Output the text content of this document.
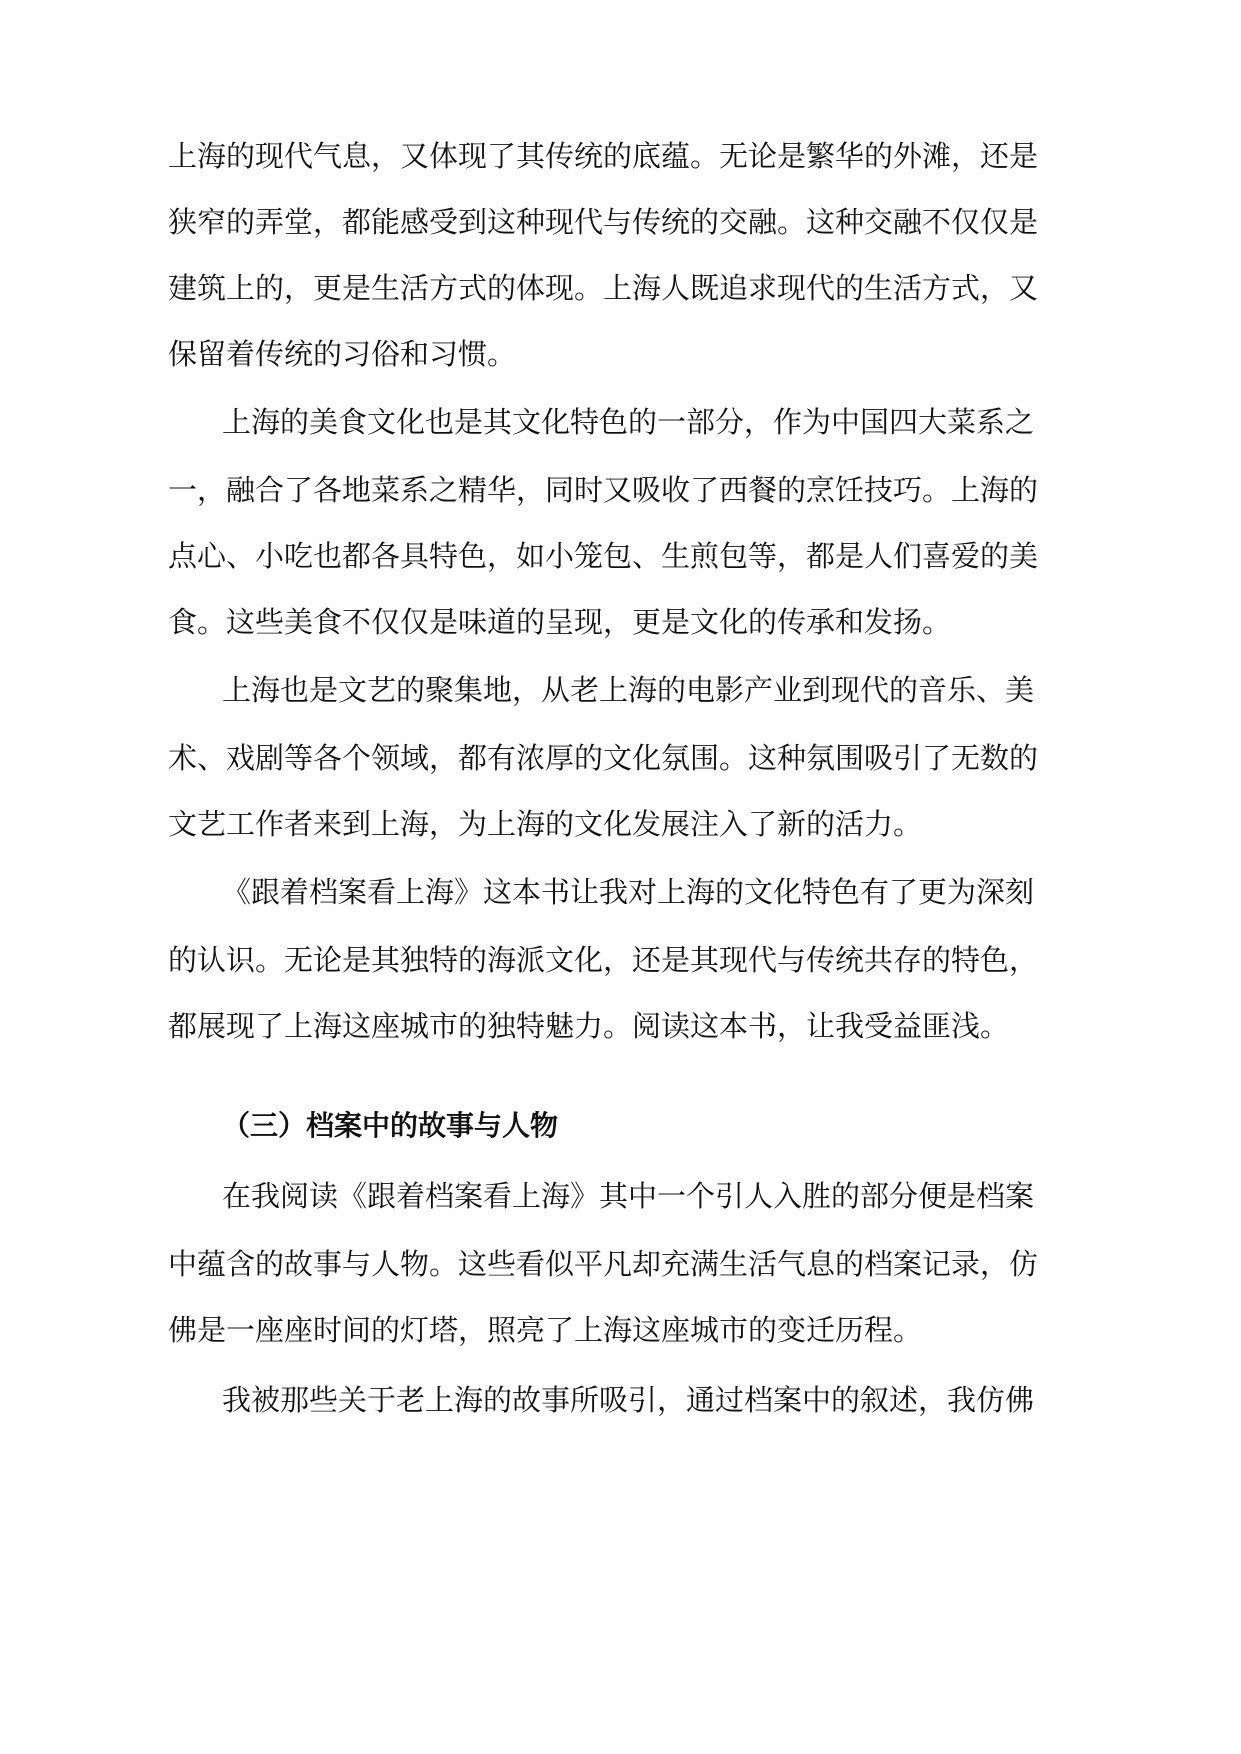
上海的现代气息，又体现了其传统的底蕴。无论是繁华的外滩，还是
狭窄的弄堂，都能感受到这种现代与传统的交融。这种交融不仅仅是
建筑上的，更是生活方式的体现。上海人既追求现代的生活方式，又
保留着传统的习俗和习惯。
上海的美食文化也是其文化特色的一部分，作为中国四大菜系之
一，融合了各地菜系之精华，同时又吸收了西餐的烹饪技巧。上海的
点心、小吃也都各具特色，如小笼包、生煎包等，都是人们喜爱的美
食。这些美食不仅仅是味道的呈现，更是文化的传承和发扬。
上海也是文艺的聚集地，从老上海的电影产业到现代的音乐、美
术、戏剧等各个领域，都有浓厚的文化氛围。这种氛围吸引了无数的
文艺工作者来到上海，为上海的文化发展注入了新的活力。
《跟着档案看上海》这本书让我对上海的文化特色有了更为深刻
的认识。无论是其独特的海派文化，还是其现代与传统共存的特色，
都展现了上海这座城市的独特魅力。阅读这本书，让我受益匪浅。
（三）档案中的故事与人物
在我阅读《跟着档案看上海》其中一个引人入胜的部分便是档案
中蕴含的故事与人物。这些看似平凡却充满生活气息的档案记录，仿
佛是一座座时间的灯塔，照亮了上海这座城市的变迁历程。
我被那些关于老上海的故事所吸引，通过档案中的叙述，我仿佛
